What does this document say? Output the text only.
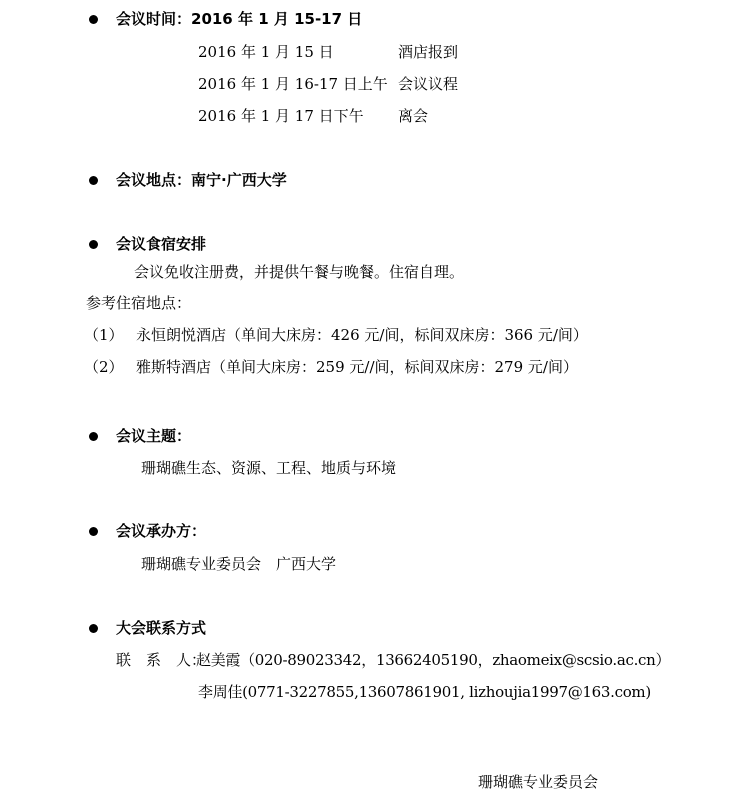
会议时间：2016 年 1 月 15-17 日
2016 年 1 月 15 日	酒店报到
2016 年 1 月 16-17 日上午 会议议程
2016 年 1 月 17 日下午 离会
会议地点：南宁·广西大学
会议食宿安排
会议免收注册费，并提供午餐与晚餐。住宿自理。
参考住宿地点：
（1） 永恒朗悦酒店（单间大床房：426 元/间，标间双床房：366 元/间）
（2） 雅斯特酒店（单间大床房：259 元//间，标间双床房：279 元/间）
会议主题：
珊瑚礁生态、资源、工程、地质与环境
会议承办方：
珊瑚礁专业委员会　广西大学
大会联系方式
联　系　人：
赵美霞（020-89023342，13662405190，zhaomeix@scsio.ac.cn）
李周佳(0771-3227855,13607861901, lizhoujia1997@163.com)
珊瑚礁专业委员会
